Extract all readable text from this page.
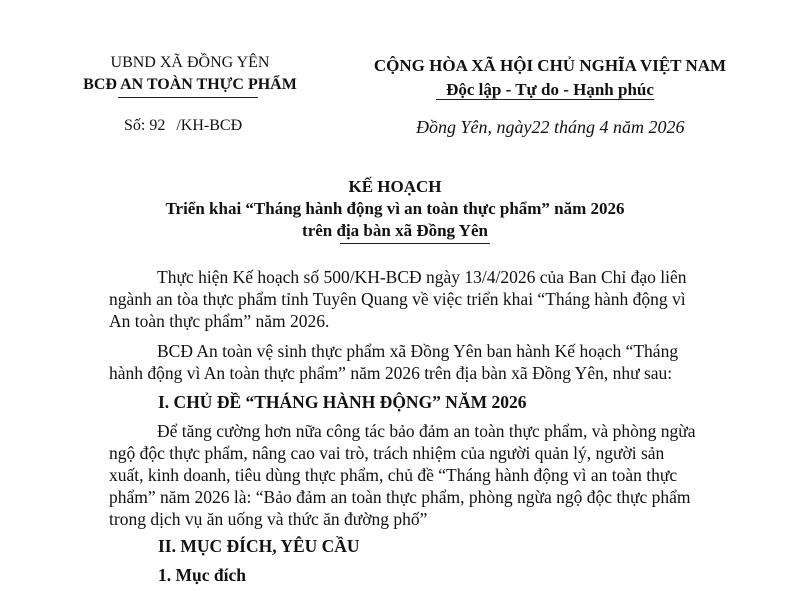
UBND XÃ ĐỒNG YÊN
BCĐ AN TOÀN THỰC PHẨM
CỘNG HÒA XÃ HỘI CHỦ NGHĨA VIỆT NAM
Độc lập - Tự do - Hạnh phúc
Số: 92 /KH-BCĐ	Đồng Yên, ngày22 tháng 4 năm 2026
KẾ HOẠCH
Triển khai “Tháng hành động vì an toàn thực phẩm” năm 2026
trên địa bàn xã Đồng Yên
Thực hiện Kế hoạch số 500/KH-BCĐ ngày 13/4/2026 của Ban Chỉ đạo liên
ngành an tòa thực phẩm tỉnh Tuyên Quang về việc triển khai “Tháng hành động vì
An toàn thực phẩm” năm 2026.
BCĐ An toàn vệ sinh thực phẩm xã Đồng Yên ban hành Kế hoạch “Tháng
hành động vì An toàn thực phẩm” năm 2026 trên địa bàn xã Đồng Yên, như sau:
I. CHỦ ĐỀ “THÁNG HÀNH ĐỘNG” NĂM 2026
Để tăng cường hơn nữa công tác bảo đảm an toàn thực phẩm, và phòng ngừa
ngộ độc thực phẩm, nâng cao vai trò, trách nhiệm của người quản lý, người sản
xuất, kinh doanh, tiêu dùng thực phẩm, chủ đề “Tháng hành động vì an toàn thực
phẩm” năm 2026 là: “Bảo đảm an toàn thực phẩm, phòng ngừa ngộ độc thực phẩm
trong dịch vụ ăn uống và thức ăn đường phố”
II. MỤC ĐÍCH, YÊU CẦU
1. Mục đích
